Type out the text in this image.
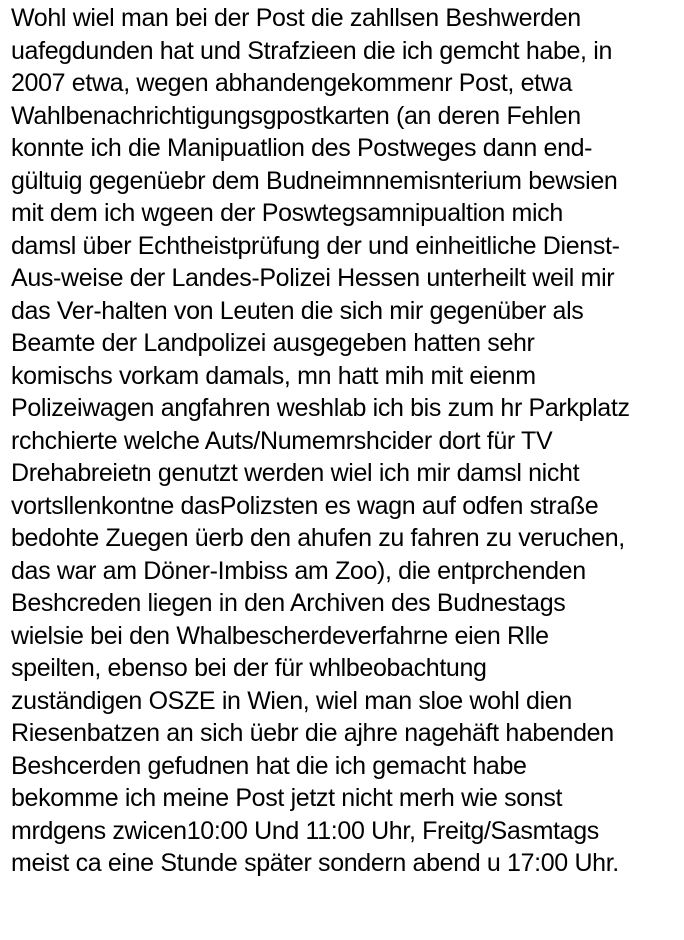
Wohl wiel man bei der Post die zahllsen Beshwerden
uafegdunden hat und Strafzieen die ich gemcht habe, in
2007 etwa, wegen abhandengekommenr Post, etwa
Wahlbenachrichtigungsgpostkarten (an deren Fehlen
konnte ich die Manipuatlion des Postweges dann end-
gültuig gegenüebr dem Budneimnnemisnterium bewsien
mit dem ich wgeen der Poswtegsamnipualtion mich
damsl über Echtheistprüfung der und einheitliche Dienst-
Aus-weise der Landes-Polizei Hessen unterheilt weil mir
das Ver-halten von Leuten die sich mir gegenüber als
Beamte der Landpolizei ausgegeben hatten sehr
komischs vorkam damals, mn hatt mih mit eienm
Polizeiwagen angfahren weshlab ich bis zum hr Parkplatz
rchchierte welche Auts/Numemrshcider dort für TV
Drehabreietn genutzt werden wiel ich mir damsl nicht
vortsllenkontne dasPolizsten es wagn auf odfen straße
bedohte Zuegen üerb den ahufen zu fahren zu veruchen,
das war am Döner-Imbiss am Zoo), die entprchenden
Beshcreden liegen in den Archiven des Budnestags
wielsie bei den Whalbescherdeverfahrne eien Rlle
speilten, ebenso bei der für whlbeobachtung
zuständigen OSZE in Wien, wiel man sloe wohl dien
Riesenbatzen an sich üebr die ajhre nagehäft habenden
Beshcerden gefudnen hat die ich gemacht habe
bekomme ich meine Post jetzt nicht merh wie sonst
mrdgens zwicen10:00 Und 11:00 Uhr, Freitg/Sasmtags
meist ca eine Stunde später sondern abend u 17:00 Uhr.
